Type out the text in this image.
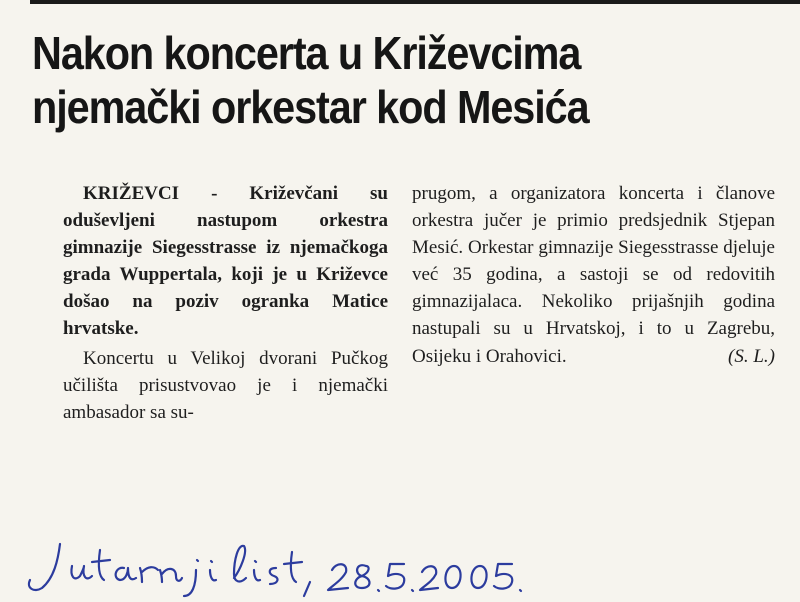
Nakon koncerta u Križevcima
njemački orkestar kod Mesića

KRIŽEVCI - Križevčani su oduševljeni nastupom orkestra gimnazije Siegesstrasse iz njemačkoga grada Wuppertala, koji je u Križevce došao na poziv ogranka Matice hrvatske.

Koncertu u Velikoj dvorani Pučkog učilišta prisustvovao je i njemački ambasador sa su-

prugom, a organizatora koncerta i članove orkestra jučer je primio predsjednik Stjepan Mesić. Orkestar gimnazije Siegesstrasse djeluje već 35 godina, a sastoji se od redovitih gimnazijalaca. Nekoliko prijašnjih godina nastupali su u Hrvatskoj, i to u Zagrebu, Osijeku i Orahovici.	(S. L.)
